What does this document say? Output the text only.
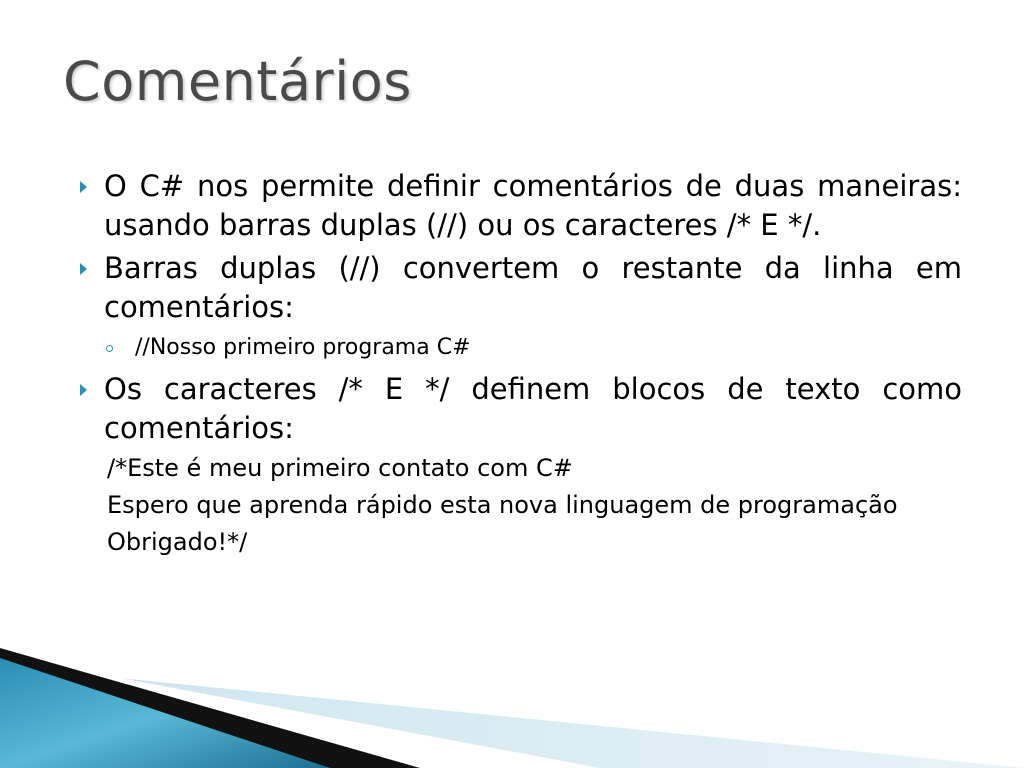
Comentários
O C# nos permite definir comentários de duas maneiras: usando barras duplas (//) ou os caracteres /* E */.
Barras duplas (//) convertem o restante da linha em comentários:
//Nosso primeiro programa C#
Os caracteres /* E */ definem blocos de texto como comentários:
/*Este é meu primeiro contato com C#
Espero que aprenda rápido esta nova linguagem de programação
Obrigado!*/
